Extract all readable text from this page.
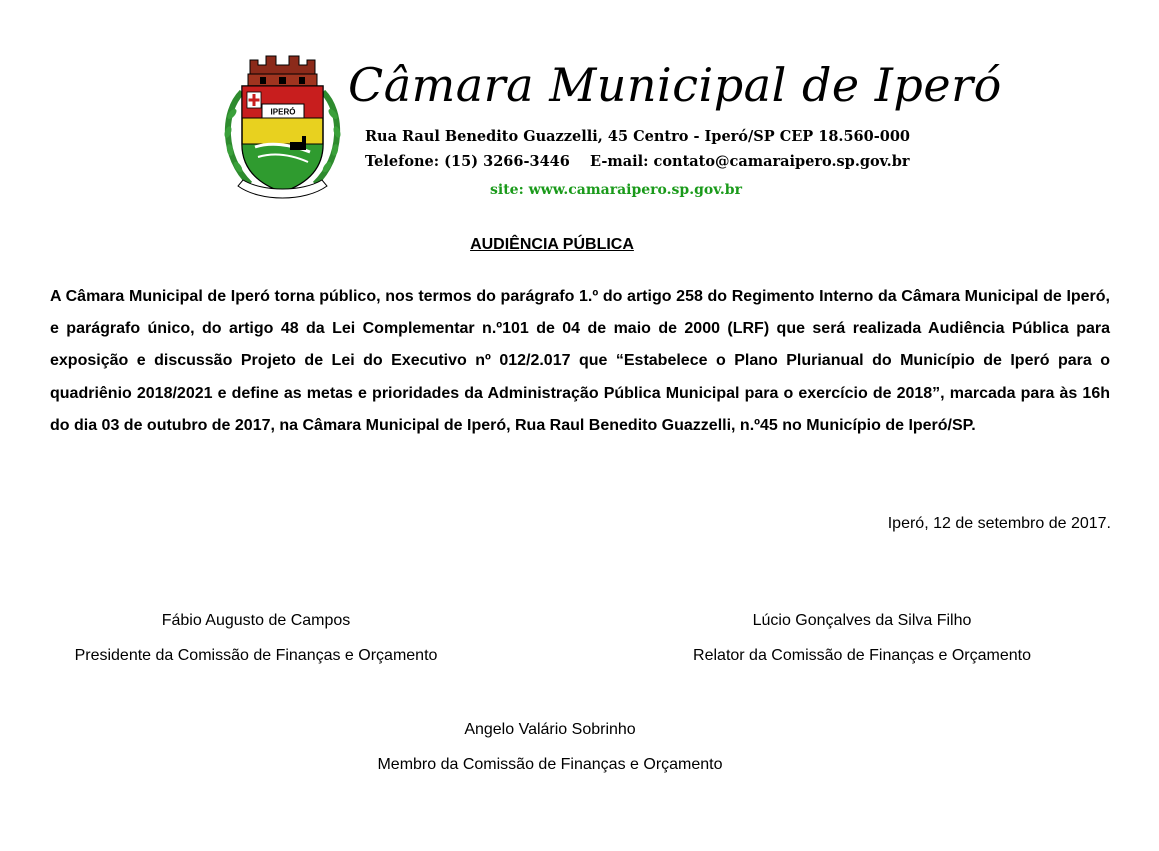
IPERÓ Câmara Municipal de Iperó
Rua Raul Benedito Guazzelli, 45 Centro - Iperó/SP CEP 18.560-000
Telefone: (15) 3266-3446 E-mail: contato@camaraipero.sp.gov.br
site: www.camaraipero.sp.gov.br
AUDIÊNCIA PÚBLICA

A Câmara Municipal de Iperó torna público, nos termos do parágrafo 1.º do artigo 258 do Regimento Interno da Câmara Municipal de Iperó, e parágrafo único, do artigo 48 da Lei Complementar n.º101 de 04 de maio de 2000 (LRF) que será realizada Audiência Pública para exposição e discussão Projeto de Lei do Executivo nº 012/2.017 que “Estabelece o Plano Plurianual do Município de Iperó para o quadriênio 2018/2021 e define as metas e prioridades da Administração Pública Municipal para o exercício de 2018”, marcada para às 16h do dia 03 de outubro de 2017, na Câmara Municipal de Iperó, Rua Raul Benedito Guazzelli, n.º45 no Município de Iperó/SP.

Iperó, 12 de setembro de 2017.
Fábio Augusto de Campos
Presidente da Comissão de Finanças e Orçamento
Lúcio Gonçalves da Silva Filho
Relator da Comissão de Finanças e Orçamento
Angelo Valário Sobrinho
Membro da Comissão de Finanças e Orçamento
